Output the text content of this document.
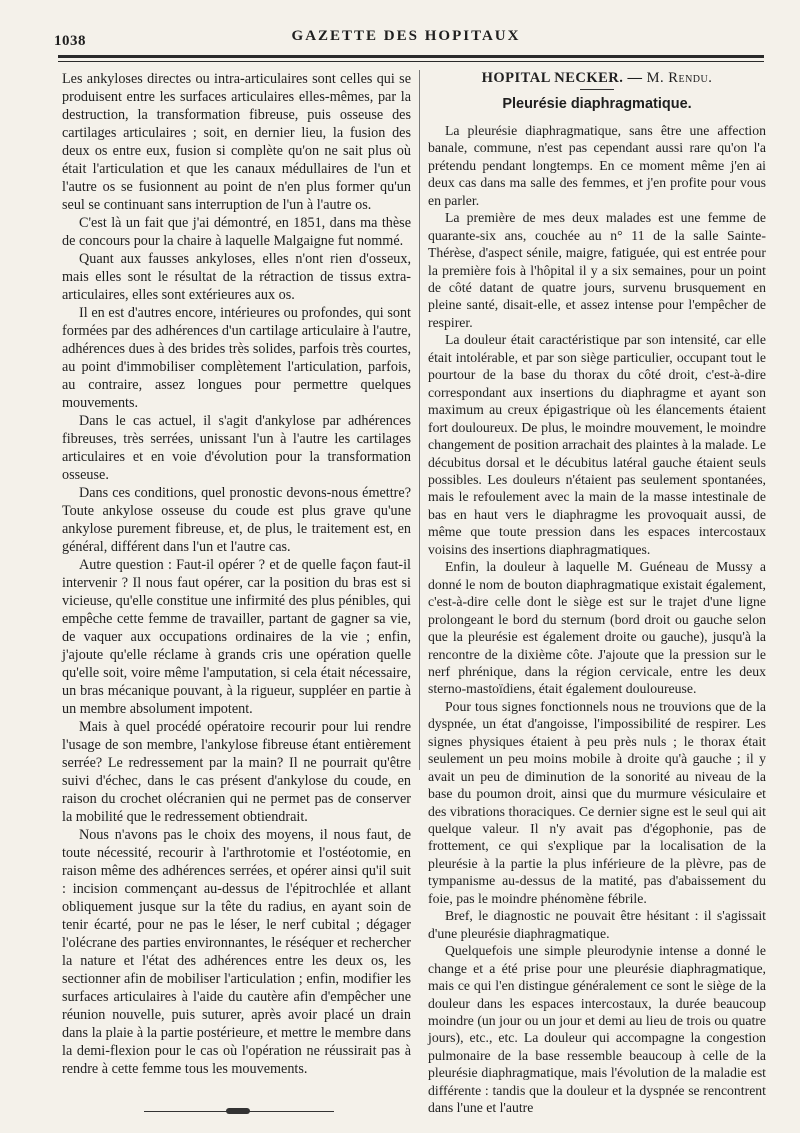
1038	GAZETTE DES HOPITAUX

Les ankyloses directes ou intra-articulaires sont celles qui se produisent entre les surfaces articulaires elles-mêmes, par la destruction, la transformation fibreuse, puis osseuse des cartilages articulaires ; soit, en dernier lieu, la fusion des deux os entre eux, fusion si complète qu'on ne sait plus où était l'articulation et que les canaux médullaires de l'un et l'autre os se fusionnent au point de n'en plus former qu'un seul se continuant sans interruption de l'un à l'autre os.

C'est là un fait que j'ai démontré, en 1851, dans ma thèse de concours pour la chaire à laquelle Malgaigne fut nommé.

Quant aux fausses ankyloses, elles n'ont rien d'osseux, mais elles sont le résultat de la rétraction de tissus extra-articulaires, elles sont extérieures aux os.

Il en est d'autres encore, intérieures ou profondes, qui sont formées par des adhérences d'un cartilage articulaire à l'autre, adhérences dues à des brides très solides, parfois très courtes, au point d'immobiliser complètement l'articulation, parfois, au contraire, assez longues pour permettre quelques mouvements.

Dans le cas actuel, il s'agit d'ankylose par adhérences fibreuses, très serrées, unissant l'un à l'autre les cartilages articulaires et en voie d'évolution pour la transformation osseuse.

Dans ces conditions, quel pronostic devons-nous émettre? Toute ankylose osseuse du coude est plus grave qu'une ankylose purement fibreuse, et, de plus, le traitement est, en général, différent dans l'un et l'autre cas.

Autre question : Faut-il opérer ? et de quelle façon faut-il intervenir ? Il nous faut opérer, car la position du bras est si vicieuse, qu'elle constitue une infirmité des plus pénibles, qui empêche cette femme de travailler, partant de gagner sa vie, de vaquer aux occupations ordinaires de la vie ; enfin, j'ajoute qu'elle réclame à grands cris une opération quelle qu'elle soit, voire même l'amputation, si cela était nécessaire, un bras mécanique pouvant, à la rigueur, suppléer en partie à un membre absolument impotent.

Mais à quel procédé opératoire recourir pour lui rendre l'usage de son membre, l'ankylose fibreuse étant entièrement serrée? Le redressement par la main? Il ne pourrait qu'être suivi d'échec, dans le cas présent d'ankylose du coude, en raison du crochet olécranien qui ne permet pas de conserver la mobilité que le redressement obtiendrait.

Nous n'avons pas le choix des moyens, il nous faut, de toute nécessité, recourir à l'arthrotomie et l'ostéotomie, en raison même des adhérences serrées, et opérer ainsi qu'il suit : incision commençant au-dessus de l'épitrochlée et allant obliquement jusque sur la tête du radius, en ayant soin de tenir écarté, pour ne pas le léser, le nerf cubital ; dégager l'olécrane des parties environnantes, le réséquer et rechercher la nature et l'état des adhérences entre les deux os, les sectionner afin de mobiliser l'articulation ; enfin, modifier les surfaces articulaires à l'aide du cautère afin d'empêcher une réunion nouvelle, puis suturer, après avoir placé un drain dans la plaie à la partie postérieure, et mettre le membre dans la demi-flexion pour le cas où l'opération ne réussirait pas à rendre à cette femme tous les mouvements.

HOPITAL NECKER. — M. Rendu.
Pleurésie diaphragmatique.

La pleurésie diaphragmatique, sans être une affection banale, commune, n'est pas cependant aussi rare qu'on l'a prétendu pendant longtemps. En ce moment même j'en ai deux cas dans ma salle des femmes, et j'en profite pour vous en parler.

La première de mes deux malades est une femme de quarante-six ans, couchée au n° 11 de la salle Sainte-Thérèse, d'aspect sénile, maigre, fatiguée, qui est entrée pour la première fois à l'hôpital il y a six semaines, pour un point de côté datant de quatre jours, survenu brusquement en pleine santé, disait-elle, et assez intense pour l'empêcher de respirer.

La douleur était caractéristique par son intensité, car elle était intolérable, et par son siège particulier, occupant tout le pourtour de la base du thorax du côté droit, c'est-à-dire correspondant aux insertions du diaphragme et ayant son maximum au creux épigastrique où les élancements étaient fort douloureux. De plus, le moindre mouvement, le moindre changement de position arrachait des plaintes à la malade. Le décubitus dorsal et le décubitus latéral gauche étaient seuls possibles. Les douleurs n'étaient pas seulement spontanées, mais le refoulement avec la main de la masse intestinale de bas en haut vers le diaphragme les provoquait aussi, de même que toute pression dans les espaces intercostaux voisins des insertions diaphragmatiques.

Enfin, la douleur à laquelle M. Guéneau de Mussy a donné le nom de bouton diaphragmatique existait également, c'est-à-dire celle dont le siège est sur le trajet d'une ligne prolongeant le bord du sternum (bord droit ou gauche selon que la pleurésie est également droite ou gauche), jusqu'à la rencontre de la dixième côte. J'ajoute que la pression sur le nerf phrénique, dans la région cervicale, entre les deux sterno-mastoïdiens, était également douloureuse.

Pour tous signes fonctionnels nous ne trouvions que de la dyspnée, un état d'angoisse, l'impossibilité de respirer. Les signes physiques étaient à peu près nuls ; le thorax était seulement un peu moins mobile à droite qu'à gauche ; il y avait un peu de diminution de la sonorité au niveau de la base du poumon droit, ainsi que du murmure vésiculaire et des vibrations thoraciques. Ce dernier signe est le seul qui ait quelque valeur. Il n'y avait pas d'égophonie, pas de frottement, ce qui s'explique par la localisation de la pleurésie à la partie la plus inférieure de la plèvre, pas de tympanisme au-dessus de la matité, pas d'abaissement du foie, pas le moindre phénomène fébrile.

Bref, le diagnostic ne pouvait être hésitant : il s'agissait d'une pleurésie diaphragmatique.

Quelquefois une simple pleurodynie intense a donné le change et a été prise pour une pleurésie diaphragmatique, mais ce qui l'en distingue généralement ce sont le siège de la douleur dans les espaces intercostaux, la durée beaucoup moindre (un jour ou un jour et demi au lieu de trois ou quatre jours), etc., etc. La douleur qui accompagne la congestion pulmonaire de la base ressemble beaucoup à celle de la pleurésie diaphragmatique, mais l'évolution de la maladie est différente : tandis que la douleur et la dyspnée se rencontrent dans l'une et l'autre
